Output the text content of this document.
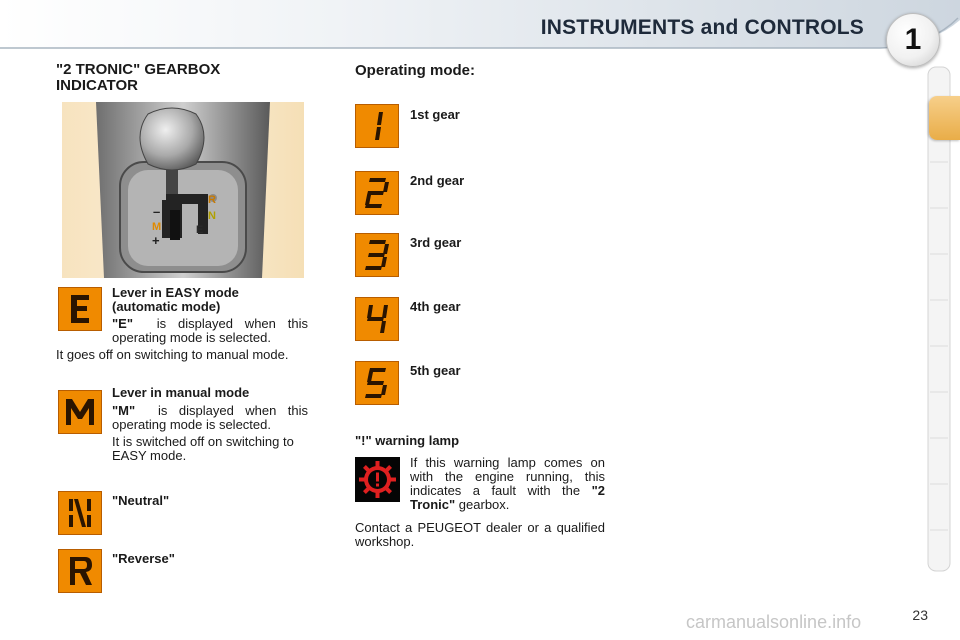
INSTRUMENTS and CONTROLS	1
"2 TRONIC" GEARBOX INDICATOR
–
M
+
R
N
E
Lever in EASY mode (automatic mode)
"E" is displayed when this operating mode is selected.
It goes off on switching to manual mode.
Lever in manual mode
"M" is displayed when this operating mode is selected.
It is switched off on switching to EASY mode.
"Neutral"
"Reverse"
Operating mode:
1st gear
2nd gear
3rd gear
4th gear
5th gear
"!" warning lamp
If this warning lamp comes on with the engine running, this indicates a fault with the "2 Tronic" gearbox.
Contact a PEUGEOT dealer or a qualified workshop.
23
carmanualsonline.info
